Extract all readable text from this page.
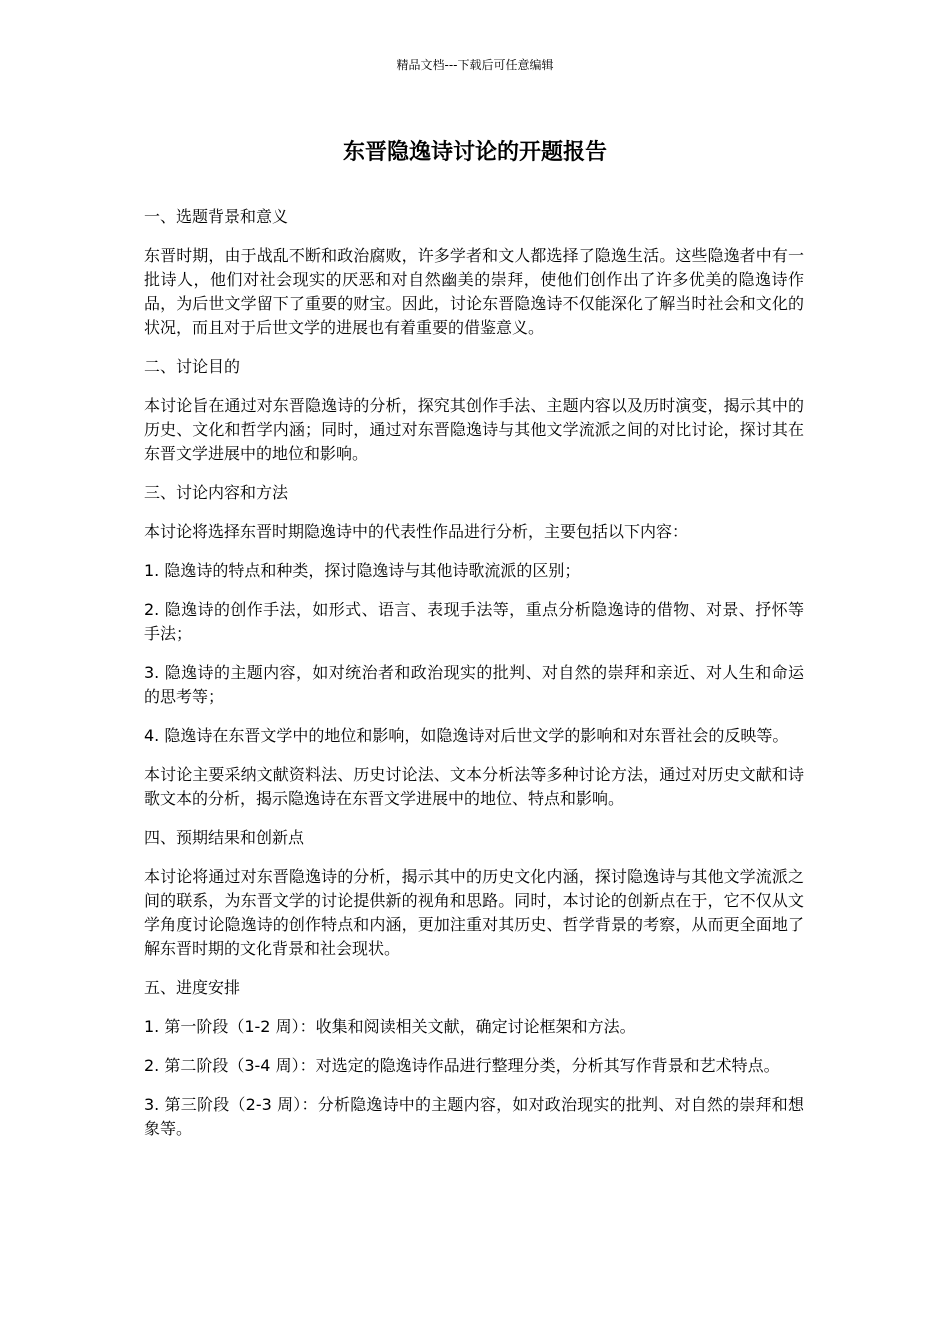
精品文档---下载后可任意编辑
东晋隐逸诗讨论的开题报告

一、选题背景和意义

东晋时期，由于战乱不断和政治腐败，许多学者和文人都选择了隐逸生活。这些隐逸者中有一批诗人，他们对社会现实的厌恶和对自然幽美的崇拜，使他们创作出了许多优美的隐逸诗作品，为后世文学留下了重要的财宝。因此，讨论东晋隐逸诗不仅能深化了解当时社会和文化的状况，而且对于后世文学的进展也有着重要的借鉴意义。

二、讨论目的

本讨论旨在通过对东晋隐逸诗的分析，探究其创作手法、主题内容以及历时演变，揭示其中的历史、文化和哲学内涵；同时，通过对东晋隐逸诗与其他文学流派之间的对比讨论，探讨其在东晋文学进展中的地位和影响。

三、讨论内容和方法

本讨论将选择东晋时期隐逸诗中的代表性作品进行分析，主要包括以下内容：

1. 隐逸诗的特点和种类，探讨隐逸诗与其他诗歌流派的区别；

2. 隐逸诗的创作手法，如形式、语言、表现手法等，重点分析隐逸诗的借物、对景、抒怀等手法；

3. 隐逸诗的主题内容，如对统治者和政治现实的批判、对自然的崇拜和亲近、对人生和命运的思考等；

4. 隐逸诗在东晋文学中的地位和影响，如隐逸诗对后世文学的影响和对东晋社会的反映等。

本讨论主要采纳文献资料法、历史讨论法、文本分析法等多种讨论方法，通过对历史文献和诗歌文本的分析，揭示隐逸诗在东晋文学进展中的地位、特点和影响。

四、预期结果和创新点

本讨论将通过对东晋隐逸诗的分析，揭示其中的历史文化内涵，探讨隐逸诗与其他文学流派之间的联系，为东晋文学的讨论提供新的视角和思路。同时，本讨论的创新点在于，它不仅从文学角度讨论隐逸诗的创作特点和内涵，更加注重对其历史、哲学背景的考察，从而更全面地了解东晋时期的文化背景和社会现状。

五、进度安排

1. 第一阶段（1-2 周）：收集和阅读相关文献，确定讨论框架和方法。

2. 第二阶段（3-4 周）：对选定的隐逸诗作品进行整理分类，分析其写作背景和艺术特点。

3. 第三阶段（2-3 周）：分析隐逸诗中的主题内容，如对政治现实的批判、对自然的崇拜和想象等。
